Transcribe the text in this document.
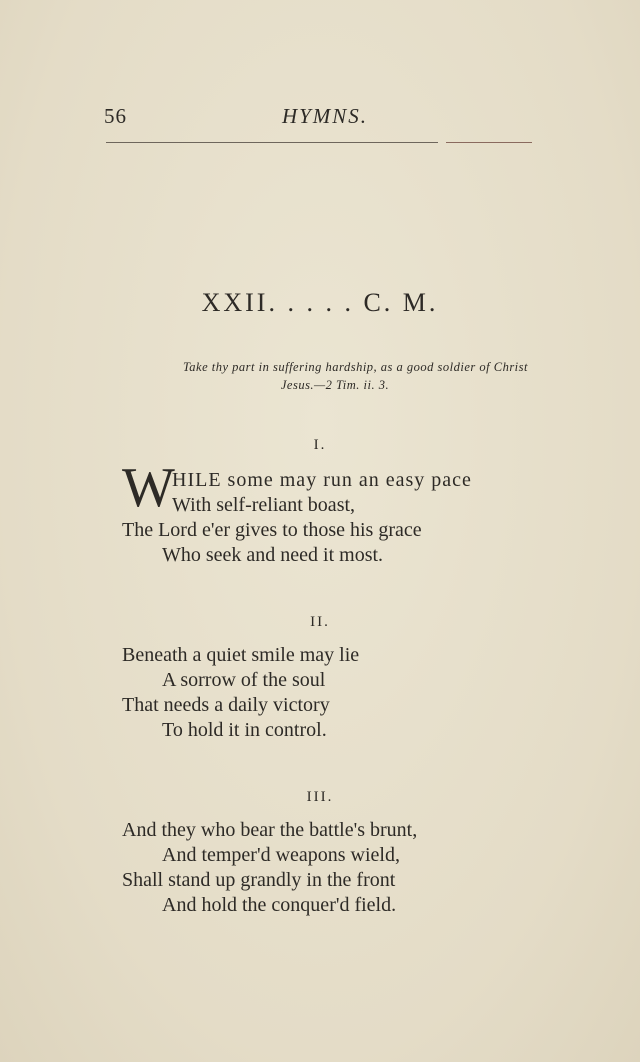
56	HYMNS.
XXII. . . . . C. M.
Take thy part in suffering hardship, as a good soldier of Christ
Jesus.—2 Tim. ii. 3.
I.
W
HILE some may run an easy pace
With self-reliant boast,
The Lord e'er gives to those his grace
Who seek and need it most.
II.
Beneath a quiet smile may lie
A sorrow of the soul
That needs a daily victory
To hold it in control.
III.
And they who bear the battle's brunt,
And temper'd weapons wield,
Shall stand up grandly in the front
And hold the conquer'd field.
